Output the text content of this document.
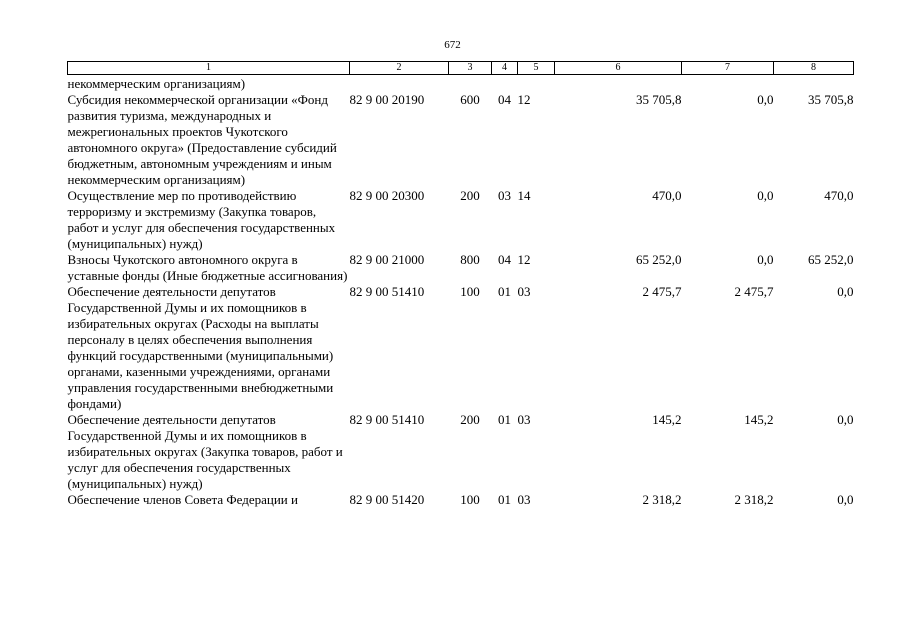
672
1	2	3	4	5	6	7	8
некоммерческим организациям)							
Субсидия некоммерческой организации «Фонд развития туризма, международных и межрегиональных проектов Чукотского автономного округа» (Предоставление субсидий бюджетным, автономным учреждениям и иным некоммерческим организациям)	82 9 00 20190	600	04	12	35 705,8	0,0	35 705,8
Осуществление мер по противодействию терроризму и экстремизму (Закупка товаров, работ и услуг для обеспечения государственных (муниципальных) нужд)	82 9 00 20300	200	03	14	470,0	0,0	470,0
Взносы Чукотского автономного округа в уставные фонды (Иные бюджетные ассигнования)	82 9 00 21000	800	04	12	65 252,0	0,0	65 252,0
Обеспечение деятельности депутатов Государственной Думы и их помощников в избирательных округах (Расходы на выплаты персоналу в целях обеспечения выполнения функций государственными (муниципальными) органами, казенными учреждениями, органами управления государственными внебюджетными фондами)	82 9 00 51410	100	01	03	2 475,7	2 475,7	0,0
Обеспечение деятельности депутатов Государственной Думы и их помощников в избирательных округах (Закупка товаров, работ и услуг для обеспечения государственных (муниципальных) нужд)	82 9 00 51410	200	01	03	145,2	145,2	0,0
Обеспечение членов Совета Федерации и	82 9 00 51420	100	01	03	2 318,2	2 318,2	0,0
